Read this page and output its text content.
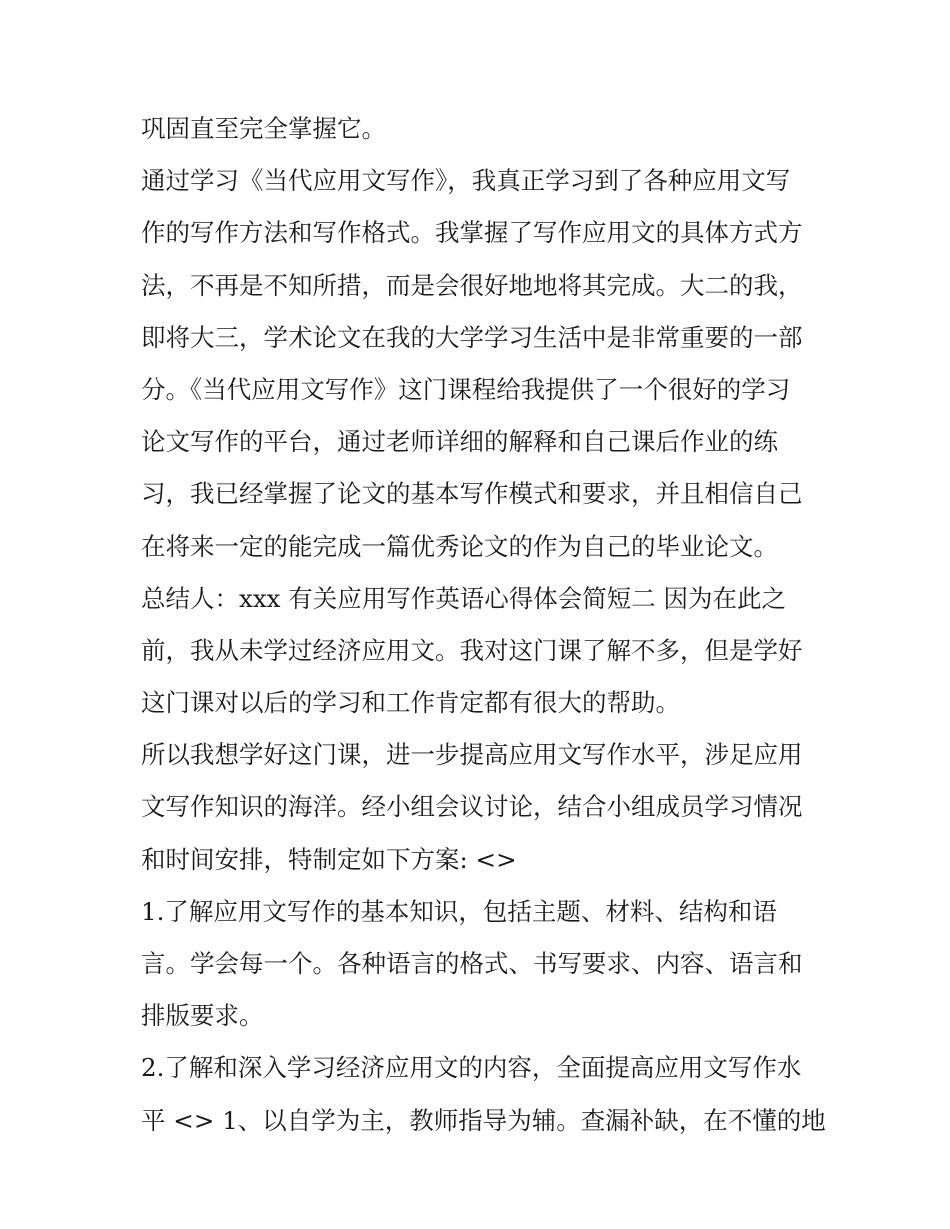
巩固直至完全掌握它。
通过学习《当代应用文写作》，我真正学习到了各种应用文写
作的写作方法和写作格式。我掌握了写作应用文的具体方式方
法，不再是不知所措，而是会很好地地将其完成。大二的我，
即将大三，学术论文在我的大学学习生活中是非常重要的一部
分。《当代应用文写作》这门课程给我提供了一个很好的学习
论文写作的平台，通过老师详细的解释和自己课后作业的练
习，我已经掌握了论文的基本写作模式和要求，并且相信自己
在将来一定的能完成一篇优秀论文的作为自己的毕业论文。
总结人：xxx 有关应用写作英语心得体会简短二 因为在此之
前，我从未学过经济应用文。我对这门课了解不多，但是学好
这门课对以后的学习和工作肯定都有很大的帮助。
所以我想学好这门课，进一步提高应用文写作水平，涉足应用
文写作知识的海洋。经小组会议讨论，结合小组成员学习情况
和时间安排，特制定如下方案: <>
1.了解应用文写作的基本知识，包括主题、材料、结构和语
言。学会每一个。各种语言的格式、书写要求、内容、语言和
排版要求。
2.了解和深入学习经济应用文的内容，全面提高应用文写作水
平 <> 1、以自学为主，教师指导为辅。查漏补缺，在不懂的地
